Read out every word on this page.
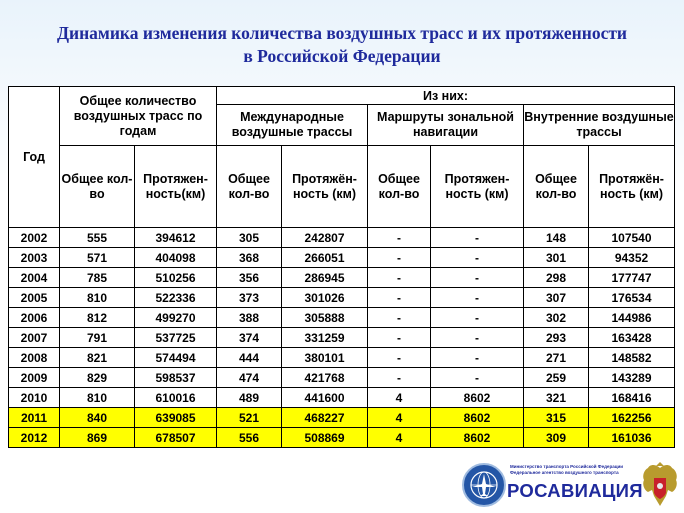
Динамика изменения количества воздушных трасс и их протяженности
в Российской Федерации
Год	Общее количество воздушных трасс по годам		Из них:					
			Международные воздушные трассы		Маршруты зональной навигации		Внутренние воздушные трассы	
	Общее кол-во	Протяжен-ность(км)	Общее кол-во	Протяжён-ность (км)	Общее кол-во	Протяжен-ность (км)	Общее кол-во	Протяжён-ность (км)
2002	555	394612	305	242807	-	-	148	107540
2003	571	404098	368	266051	-	-	301	94352
2004	785	510256	356	286945	-	-	298	177747
2005	810	522336	373	301026	-	-	307	176534
2006	812	499270	388	305888	-	-	302	144986
2007	791	537725	374	331259	-	-	293	163428
2008	821	574494	444	380101	-	-	271	148582
2009	829	598537	474	421768	-	-	259	143289
2010	810	610016	489	441600	4	8602	321	168416
2011	840	639085	521	468227	4	8602	315	162256
2012	869	678507	556	508869	4	8602	309	161036
Министерство транспорта Российской Федерации
Федеральное агентство воздушного транспорта
РОСАВИАЦИЯ
